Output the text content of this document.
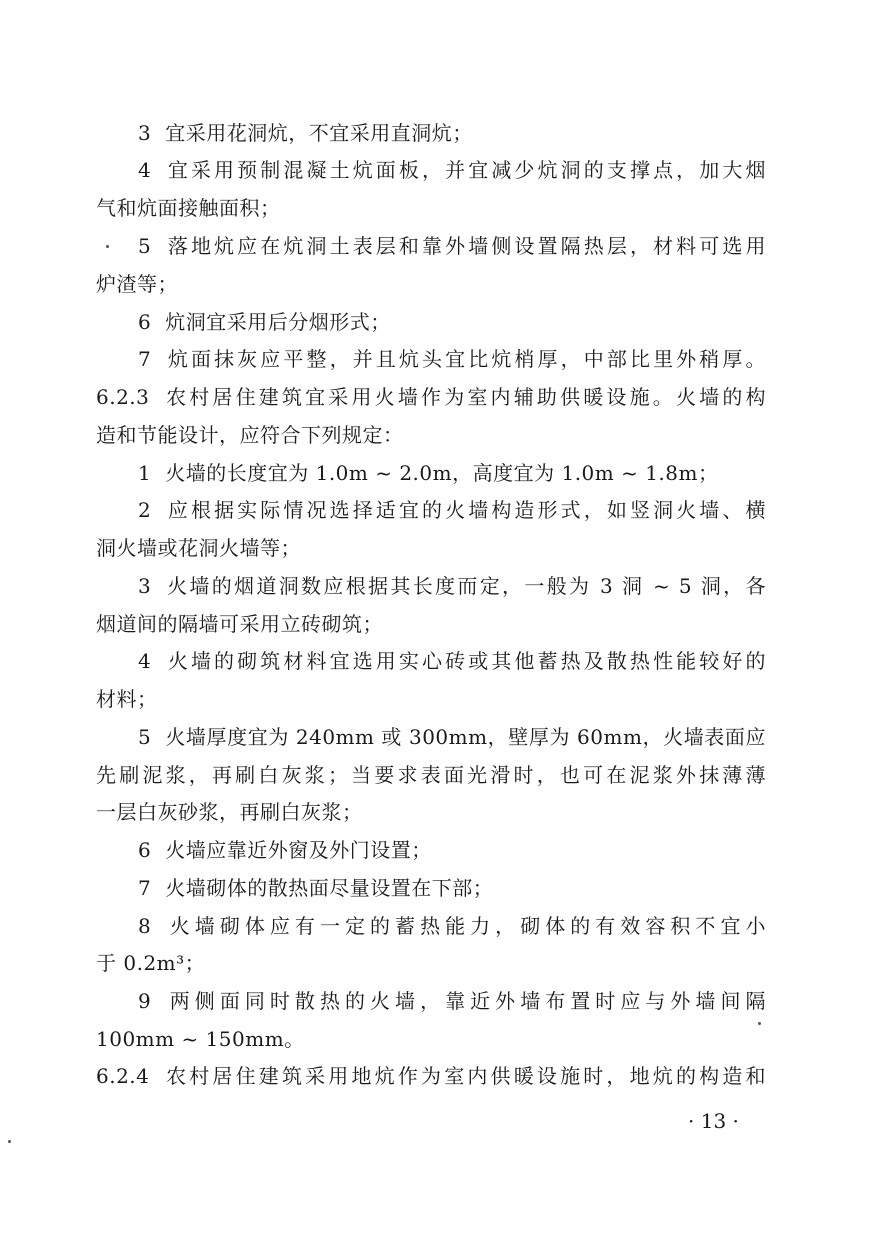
3 宜采用花洞炕，不宜采用直洞炕；
4 宜采用预制混凝土炕面板，并宜减少炕洞的支撑点，加大烟
气和炕面接触面积；
5 落地炕应在炕洞土表层和靠外墙侧设置隔热层，材料可选用
炉渣等；
6 炕洞宜采用后分烟形式；
7 炕面抹灰应平整，并且炕头宜比炕梢厚，中部比里外稍厚。
6.2.3 农村居住建筑宜采用火墙作为室内辅助供暖设施。火墙的构
造和节能设计，应符合下列规定：
1 火墙的长度宜为 1.0m ~ 2.0m，高度宜为 1.0m ~ 1.8m；
2 应根据实际情况选择适宜的火墙构造形式，如竖洞火墙、横
洞火墙或花洞火墙等；
3 火墙的烟道洞数应根据其长度而定，一般为 3 洞 ~ 5 洞，各
烟道间的隔墙可采用立砖砌筑；
4 火墙的砌筑材料宜选用实心砖或其他蓄热及散热性能较好的
材料；
5 火墙厚度宜为 240mm 或 300mm，壁厚为 60mm，火墙表面应
先刷泥浆，再刷白灰浆；当要求表面光滑时，也可在泥浆外抹薄薄
一层白灰砂浆，再刷白灰浆；
6 火墙应靠近外窗及外门设置；
7 火墙砌体的散热面尽量设置在下部；
8 火墙砌体应有一定的蓄热能力，砌体的有效容积不宜小
于 0.2m³；
9 两侧面同时散热的火墙，靠近外墙布置时应与外墙间隔
100mm ~ 150mm。
6.2.4 农村居住建筑采用地炕作为室内供暖设施时，地炕的构造和
· 13 ·
